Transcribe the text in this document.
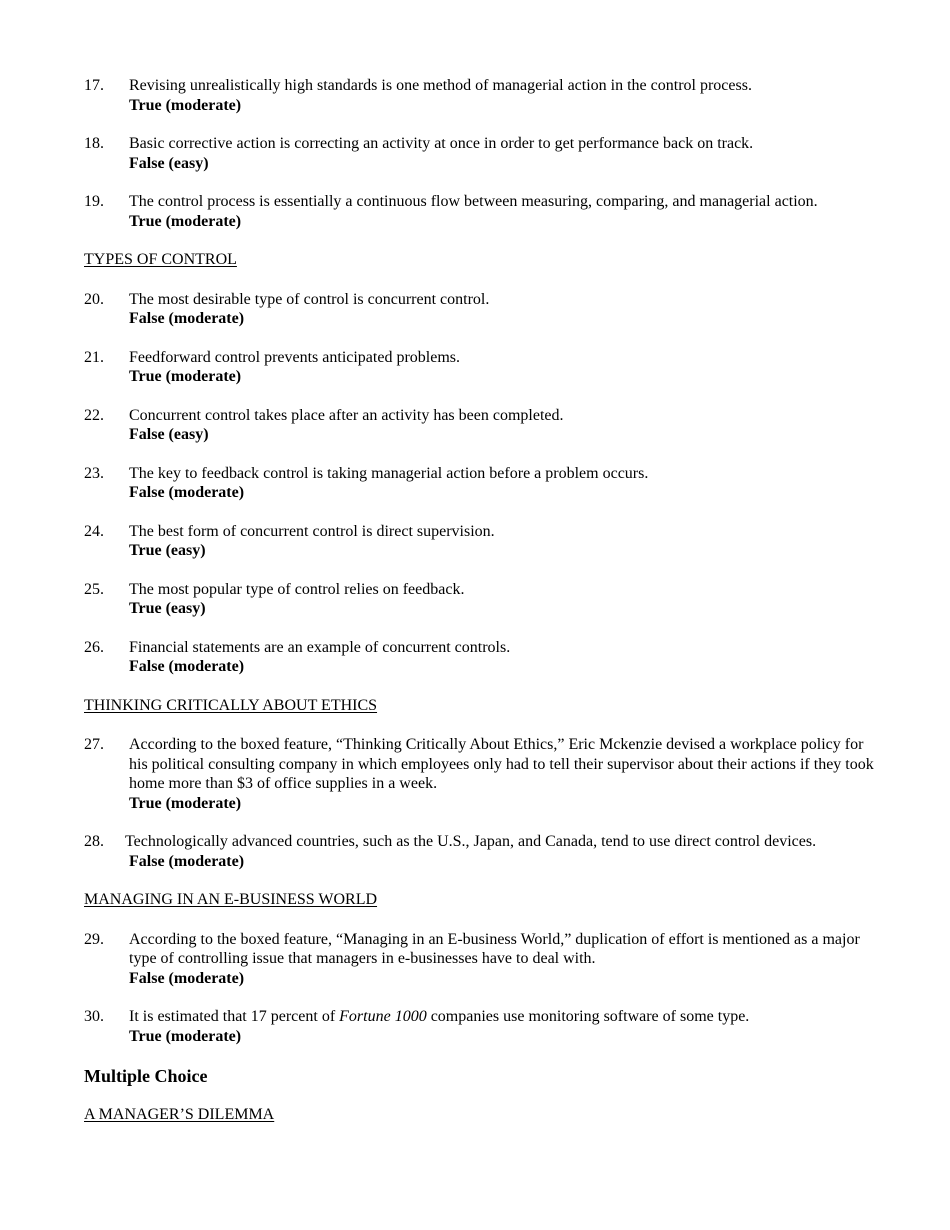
17. Revising unrealistically high standards is one method of managerial action in the control process.
True (moderate)
18. Basic corrective action is correcting an activity at once in order to get performance back on track.
False (easy)
19. The control process is essentially a continuous flow between measuring, comparing, and managerial action.
True (moderate)
TYPES OF CONTROL
20. The most desirable type of control is concurrent control.
False (moderate)
21. Feedforward control prevents anticipated problems.
True (moderate)
22. Concurrent control takes place after an activity has been completed.
False (easy)
23. The key to feedback control is taking managerial action before a problem occurs.
False (moderate)
24. The best form of concurrent control is direct supervision.
True (easy)
25. The most popular type of control relies on feedback.
True (easy)
26. Financial statements are an example of concurrent controls.
False (moderate)
THINKING CRITICALLY ABOUT ETHICS
27. According to the boxed feature, “Thinking Critically About Ethics,” Eric Mckenzie devised a workplace policy for his political consulting company in which employees only had to tell their supervisor about their actions if they took home more than $3 of office supplies in a week.
True (moderate)
28. Technologically advanced countries, such as the U.S., Japan, and Canada, tend to use direct control devices.
False (moderate)
MANAGING IN AN E-BUSINESS WORLD
29. According to the boxed feature, “Managing in an E-business World,” duplication of effort is mentioned as a major type of controlling issue that managers in e-businesses have to deal with.
False (moderate)
30. It is estimated that 17 percent of Fortune 1000 companies use monitoring software of some type.
True (moderate)
Multiple Choice
A MANAGER’S DILEMMA
